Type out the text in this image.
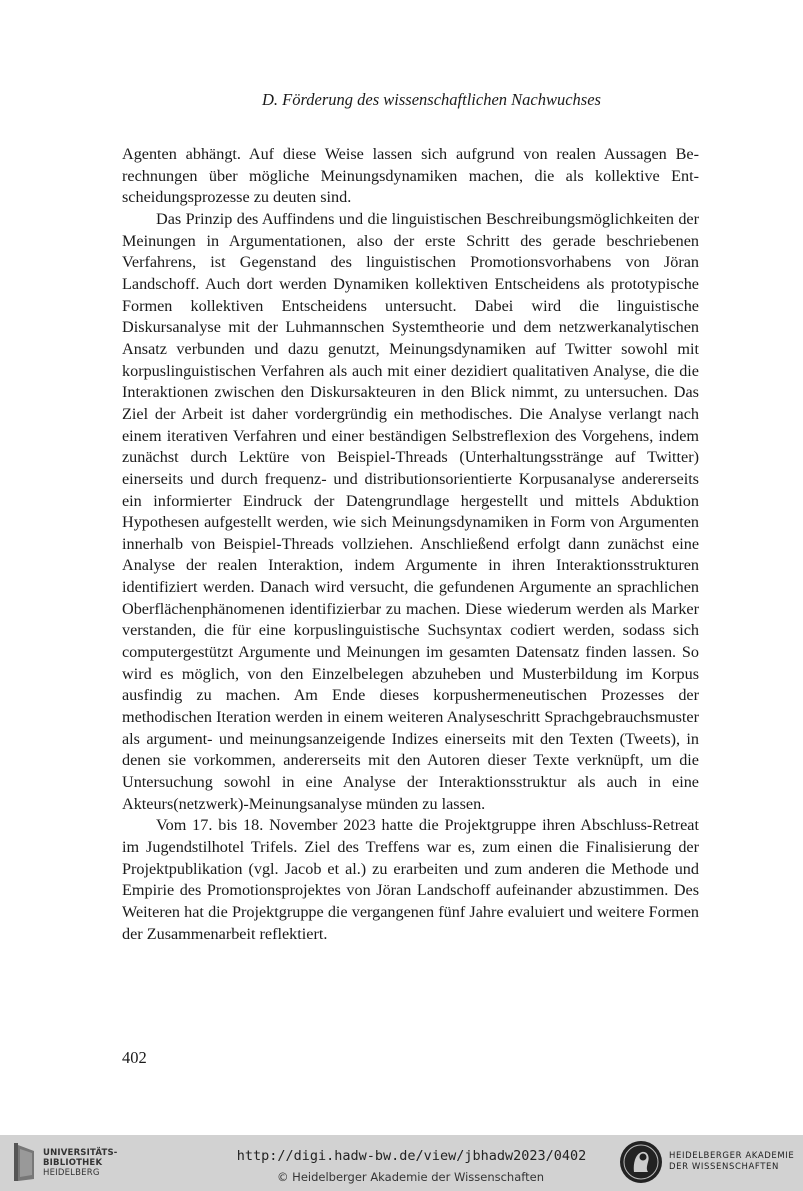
D. Förderung des wissenschaftlichen Nachwuchses

Agenten abhängt. Auf diese Weise lassen sich aufgrund von realen Aussagen Berechnungen über mögliche Meinungsdynamiken machen, die als kollektive Entscheidungsprozesse zu deuten sind.

Das Prinzip des Auffindens und die linguistischen Beschreibungsmöglichkeiten der Meinungen in Argumentationen, also der erste Schritt des gerade beschriebenen Verfahrens, ist Gegenstand des linguistischen Promotionsvorhabens von Jöran Landschoff. Auch dort werden Dynamiken kollektiven Entscheidens als prototypische Formen kollektiven Entscheidens untersucht. Dabei wird die linguistische Diskursanalyse mit der Luhmannschen Systemtheorie und dem netzwerkanalytischen Ansatz verbunden und dazu genutzt, Meinungsdynamiken auf Twitter sowohl mit korpuslinguistischen Verfahren als auch mit einer dezidiert qualitativen Analyse, die die Interaktionen zwischen den Diskursakteuren in den Blick nimmt, zu untersuchen. Das Ziel der Arbeit ist daher vordergründig ein methodisches. Die Analyse verlangt nach einem iterativen Verfahren und einer beständigen Selbstreflexion des Vorgehens, indem zunächst durch Lektüre von Beispiel-Threads (Unterhaltungsstränge auf Twitter) einerseits und durch frequenz- und distributionsorientierte Korpusanalyse andererseits ein informierter Eindruck der Datengrundlage hergestellt und mittels Abduktion Hypothesen aufgestellt werden, wie sich Meinungsdynamiken in Form von Argumenten innerhalb von Beispiel-Threads vollziehen. Anschließend erfolgt dann zunächst eine Analyse der realen Interaktion, indem Argumente in ihren Interaktionsstrukturen identifiziert werden. Danach wird versucht, die gefundenen Argumente an sprachlichen Oberflächenphänomenen identifizierbar zu machen. Diese wiederum werden als Marker verstanden, die für eine korpuslinguistische Suchsyntax codiert werden, sodass sich computergestützt Argumente und Meinungen im gesamten Datensatz finden lassen. So wird es möglich, von den Einzelbelegen abzuheben und Musterbildung im Korpus ausfindig zu machen. Am Ende dieses korpushermeneutischen Prozesses der methodischen Iteration werden in einem weiteren Analyseschritt Sprachgebrauchsmuster als argument- und meinungsanzeigende Indizes einerseits mit den Texten (Tweets), in denen sie vorkommen, andererseits mit den Autoren dieser Texte verknüpft, um die Untersuchung sowohl in eine Analyse der Interaktionsstruktur als auch in eine Akteurs(netzwerk)-Meinungsanalyse münden zu lassen.

Vom 17. bis 18. November 2023 hatte die Projektgruppe ihren Abschluss-Retreat im Jugendstilhotel Trifels. Ziel des Treffens war es, zum einen die Finalisierung der Projektpublikation (vgl. Jacob et al.) zu erarbeiten und zum anderen die Methode und Empirie des Promotionsprojektes von Jöran Landschoff aufeinander abzustimmen. Des Weiteren hat die Projektgruppe die vergangenen fünf Jahre evaluiert und weitere Formen der Zusammenarbeit reflektiert.

402
UNIVERSITÄTS-
BIBLIOTHEK
HEIDELBERG
http://digi.hadw-bw.de/view/jbhadw2023/0402
© Heidelberger Akademie der Wissenschaften
HEIDELBERGER AKADEMIE
DER WISSENSCHAFTEN
